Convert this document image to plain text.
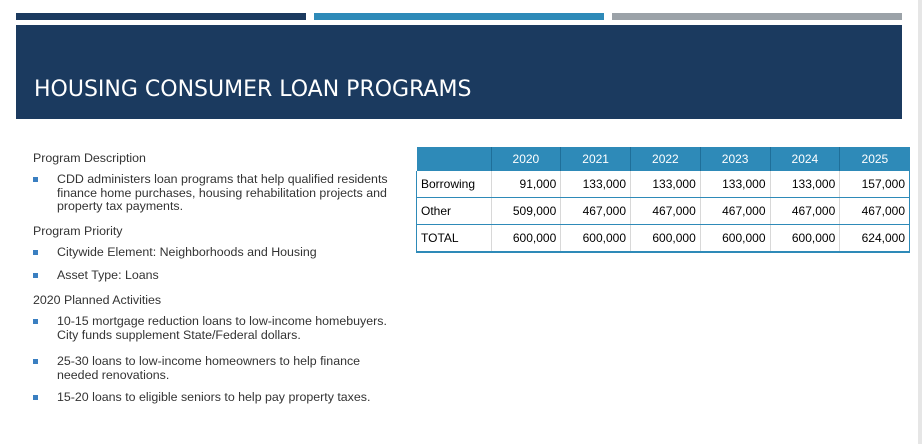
HOUSING CONSUMER LOAN PROGRAMS

Program Description

CDD administers loan programs that help qualified residents finance home purchases, housing rehabilitation projects and property tax payments.

Program Priority

Citywide Element: Neighborhoods and Housing

Asset Type: Loans

2020 Planned Activities

10-15 mortgage reduction loans to low-income homebuyers. City funds supplement State/Federal dollars.

25-30 loans to low-income homeowners to help finance needed renovations.

15-20 loans to eligible seniors to help pay property taxes.

	2020	2021	2022	2023	2024	2025
Borrowing	91,000	133,000	133,000	133,000	133,000	157,000
Other	509,000	467,000	467,000	467,000	467,000	467,000
TOTAL	600,000	600,000	600,000	600,000	600,000	624,000
